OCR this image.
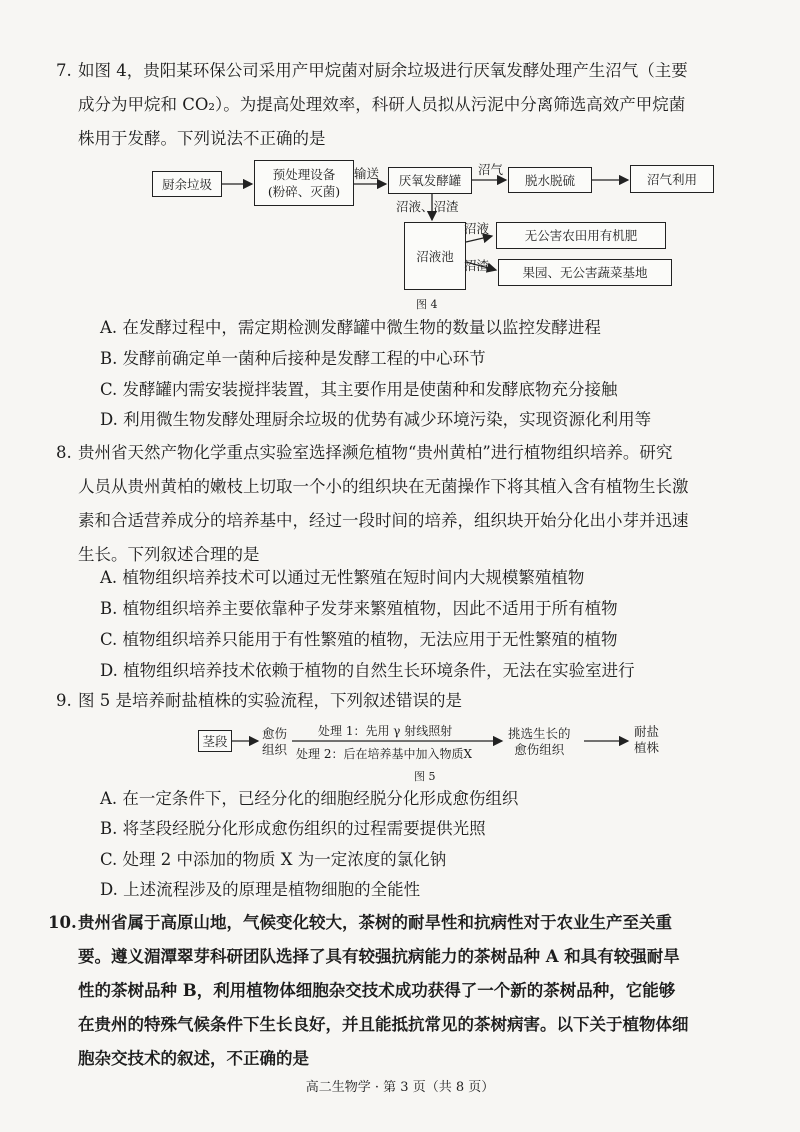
7. 如图 4，贵阳某环保公司采用产甲烷菌对厨余垃圾进行厌氧发酵处理产生沼气（主要
成分为甲烷和 CO₂）。为提高处理效率，科研人员拟从污泥中分离筛选高效产甲烷菌
株用于发酵。下列说法不正确的是
厨余垃圾
预处理设备
(粉碎、灭菌)
输送 厌氧发酵罐
沼气
脱水脱硫	沼气利用
沼液、沼渣
沼液池
沼液	无公害农田用有机肥
沼渣	果园、无公害蔬菜基地
图 4
A. 在发酵过程中，需定期检测发酵罐中微生物的数量以监控发酵进程
B. 发酵前确定单一菌种后接种是发酵工程的中心环节
C. 发酵罐内需安装搅拌装置，其主要作用是使菌种和发酵底物充分接触
D. 利用微生物发酵处理厨余垃圾的优势有减少环境污染，实现资源化利用等
8. 贵州省天然产物化学重点实验室选择濒危植物“贵州黄柏”进行植物组织培养。研究
人员从贵州黄柏的嫩枝上切取一个小的组织块在无菌操作下将其植入含有植物生长激
素和合适营养成分的培养基中，经过一段时间的培养，组织块开始分化出小芽并迅速
生长。下列叙述合理的是
A. 植物组织培养技术可以通过无性繁殖在短时间内大规模繁殖植物
B. 植物组织培养主要依靠种子发芽来繁殖植物，因此不适用于所有植物
C. 植物组织培养只能用于有性繁殖的植物，无法应用于无性繁殖的植物
D. 植物组织培养技术依赖于植物的自然生长环境条件，无法在实验室进行
9. 图 5 是培养耐盐植株的实验流程，下列叙述错误的是
茎段	愈伤
组织
处理 1：先用 γ 射线照射
处理 2：后在培养基中加入物质X
挑选生长的
愈伤组织
耐盐
植株
图 5
A. 在一定条件下，已经分化的细胞经脱分化形成愈伤组织
B. 将茎段经脱分化形成愈伤组织的过程需要提供光照
C. 处理 2 中添加的物质 X 为一定浓度的氯化钠
D. 上述流程涉及的原理是植物细胞的全能性
10. 贵州省属于高原山地，气候变化较大，茶树的耐旱性和抗病性对于农业生产至关重
要。遵义湄潭翠芽科研团队选择了具有较强抗病能力的茶树品种 A 和具有较强耐旱
性的茶树品种 B，利用植物体细胞杂交技术成功获得了一个新的茶树品种，它能够
在贵州的特殊气候条件下生长良好，并且能抵抗常见的茶树病害。以下关于植物体细
胞杂交技术的叙述，不正确的是
高二生物学 · 第 3 页（共 8 页）
